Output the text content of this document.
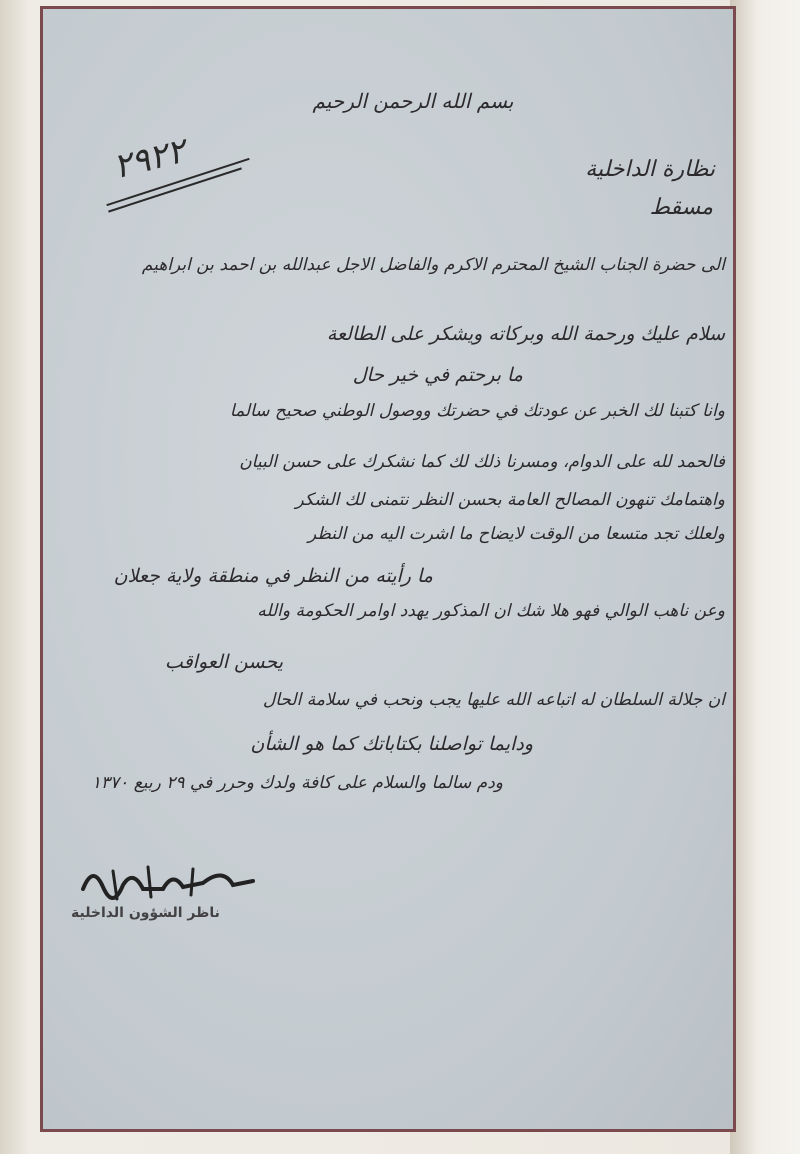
بسم الله الرحمن الرحيم
٢٩٢٢	نظارة الداخلية
مسقط
الى حضرة الجناب الشيخ المحترم الاكرم والفاضل الاجل عبدالله بن احمد بن ابراهيم
سلام عليك ورحمة الله وبركاته ويشكر على الطالعة
ما برحتم في خير حال
وانا كتبنا لك الخبر عن عودتك في حضرتك ووصول الوطني صحيح سالما
فالحمد لله على الدوام، ومسرنا ذلك لك كما نشكرك على حسن البيان
واهتمامك تنهون المصالح العامة بحسن النظر نتمنى لك الشكر
ولعلك تجد متسعا من الوقت لايضاح ما اشرت اليه من النظر
ما رأيته من النظر في منطقة ولاية جعلان
وعن ناهب الوالي فهو هلا شك ان المذكور يهدد اوامر الحكومة والله
يحسن العواقب
ان جلالة السلطان له اتباعه الله عليها يجب ونحب في سلامة الحال
ودايما تواصلنا بكتاباتك كما هو الشأن
ودم سالما والسلام على كافة ولدك وحرر في ٢٩ ربيع ١٣٧٠
ناظر الشؤون الداخلية
